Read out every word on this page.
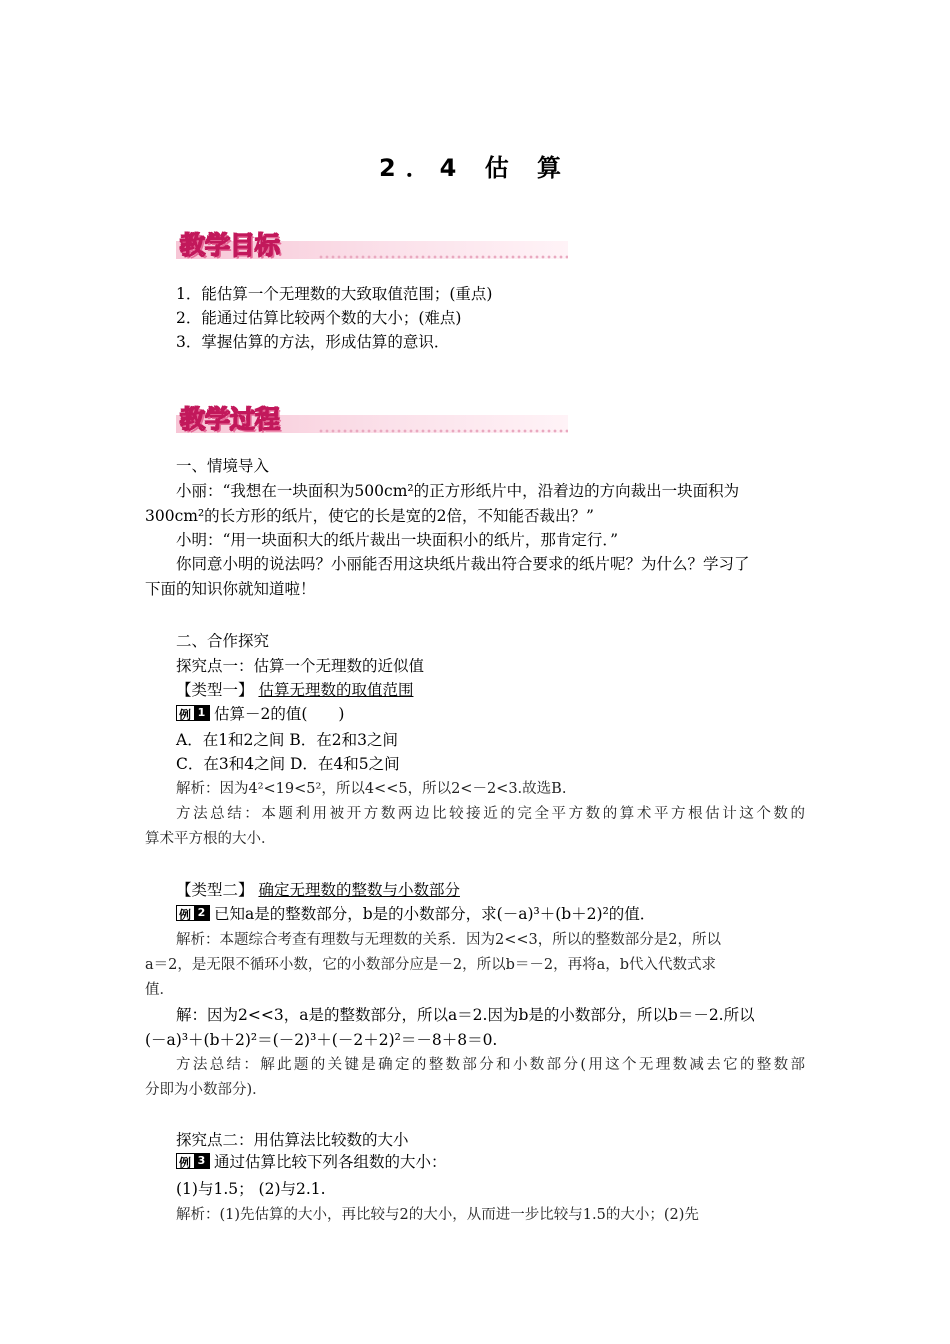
2．4 估 算
教学目标
1．能估算一个无理数的大致取值范围；(重点)
2．能通过估算比较两个数的大小；(难点)
3．掌握估算的方法，形成估算的意识．
教学过程
一、情境导入
小丽：“我想在一块面积为500cm²的正方形纸片中，沿着边的方向裁出一块面积为
300cm²的长方形的纸片，使它的长是宽的2倍，不知能否裁出？”
小明：“用一块面积大的纸片裁出一块面积小的纸片，那肯定行．”
你同意小明的说法吗？小丽能否用这块纸片裁出符合要求的纸片呢？为什么？学习了
下面的知识你就知道啦！
二、合作探究
探究点一：估算一个无理数的近似值
【类型一】 估算无理数的取值范围
例 1 估算－2的值(　　)
A．在1和2之间 B．在2和3之间
C．在3和4之间 D．在4和5之间
解析：因为4²<19<5²，所以4<<5，所以2<－2<3.故选B.
方法总结：本题利用被开方数两边比较接近的完全平方数的算术平方根估计这个数的
算术平方根的大小．
【类型二】 确定无理数的整数与小数部分
例 2 已知a是的整数部分，b是的小数部分，求(－a)³＋(b＋2)²的值．
解析：本题综合考查有理数与无理数的关系．因为2<<3，所以的整数部分是2，所以
a＝2，是无限不循环小数，它的小数部分应是－2，所以b＝－2，再将a，b代入代数式求
值．
解：因为2<<3，a是的整数部分，所以a＝2.因为b是的小数部分，所以b＝－2.所以
(－a)³＋(b＋2)²＝(－2)³＋(－2＋2)²＝－8＋8＝0.
方法总结：解此题的关键是确定的整数部分和小数部分(用这个无理数减去它的整数部
分即为小数部分)．
探究点二：用估算法比较数的大小
例 3 通过估算比较下列各组数的大小：
(1)与1.5； (2)与2.1.
解析：(1)先估算的大小，再比较与2的大小，从而进一步比较与1.5的大小；(2)先
